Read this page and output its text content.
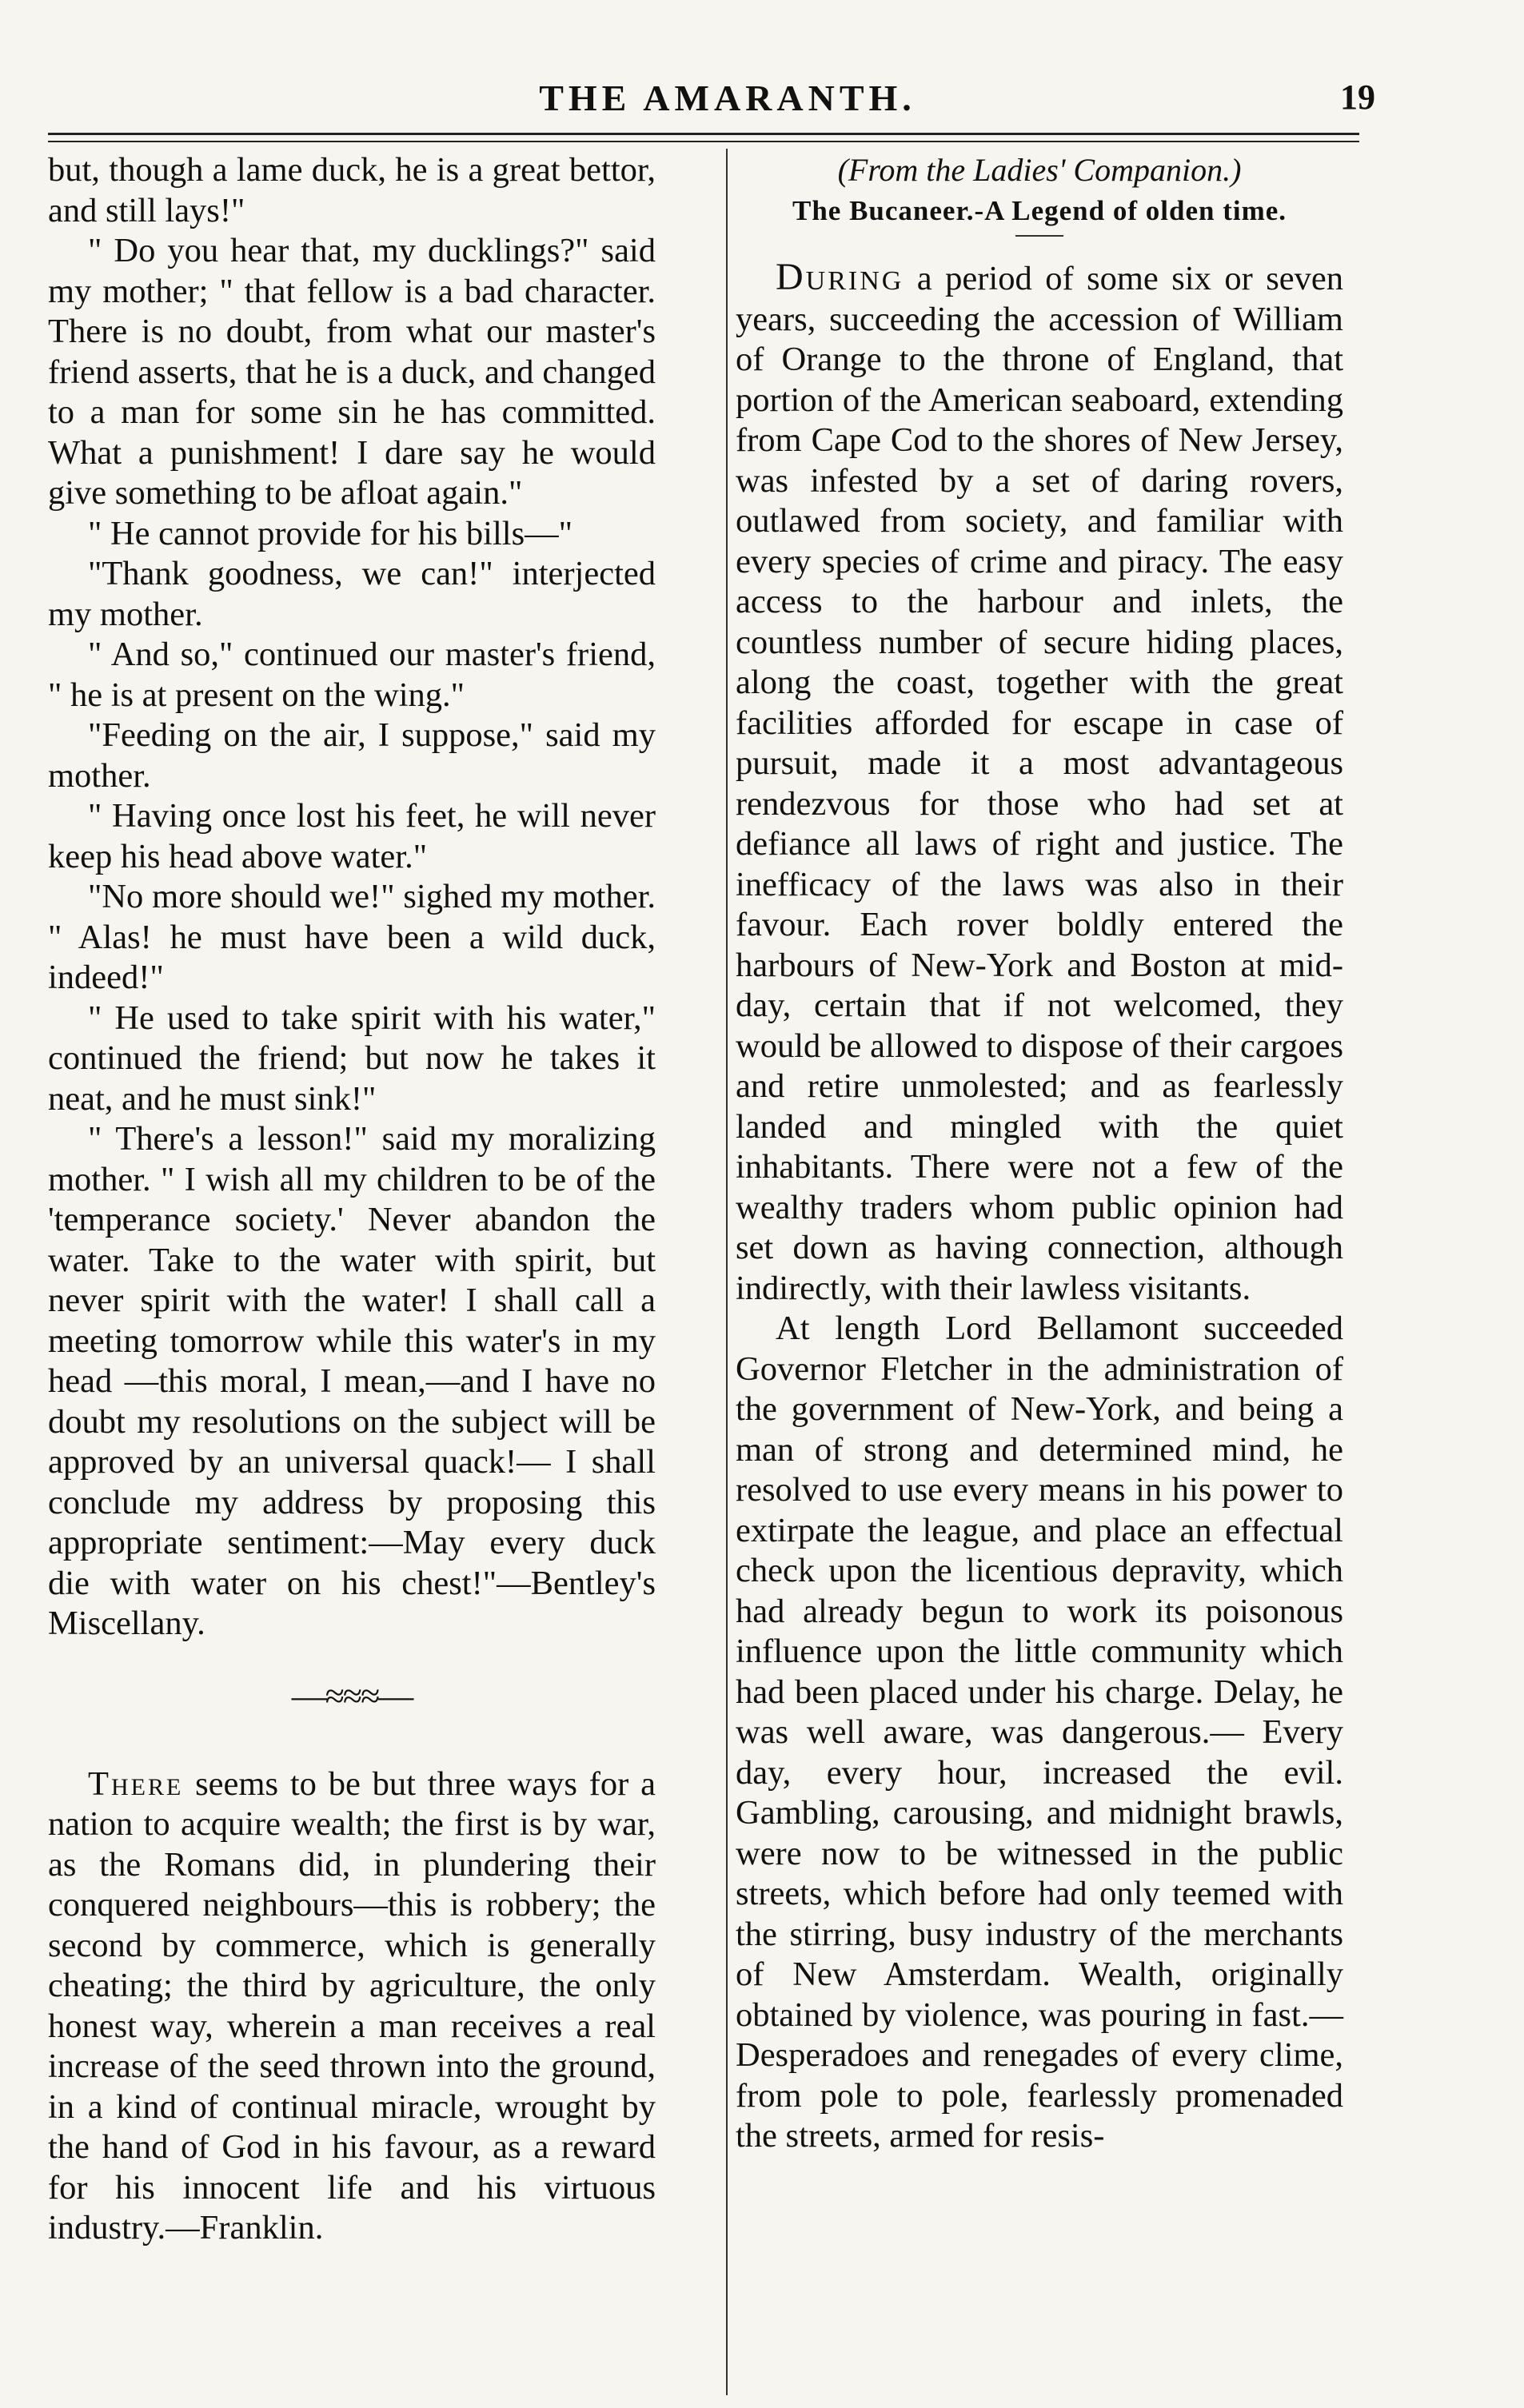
THE AMARANTH.	19

but, though a lame duck, he is a great bettor, and still lays!"

" Do you hear that, my ducklings?" said my mother; " that fellow is a bad character. There is no doubt, from what our master's friend asserts, that he is a duck, and changed to a man for some sin he has committed. What a punishment! I dare say he would give something to be afloat again."

" He cannot provide for his bills—"

"Thank goodness, we can!" interjected my mother.

" And so," continued our master's friend, " he is at present on the wing."

"Feeding on the air, I suppose," said my mother.

" Having once lost his feet, he will never keep his head above water."

"No more should we!" sighed my mother. " Alas! he must have been a wild duck, indeed!"

" He used to take spirit with his water," continued the friend; but now he takes it neat, and he must sink!"

" There's a lesson!" said my moralizing mother. " I wish all my children to be of the 'temperance society.' Never abandon the water. Take to the water with spirit, but never spirit with the water! I shall call a meeting tomorrow while this water's in my head —this moral, I mean,—and I have no doubt my resolutions on the subject will be approved by an universal quack!— I shall conclude my address by proposing this appropriate sentiment:—May every duck die with water on his chest!"—Bentley's Miscellany.

—≈≈≈—

There seems to be but three ways for a nation to acquire wealth; the first is by war, as the Romans did, in plundering their conquered neighbours—this is robbery; the second by commerce, which is generally cheating; the third by agriculture, the only honest way, wherein a man receives a real increase of the seed thrown into the ground, in a kind of continual miracle, wrought by the hand of God in his favour, as a reward for his innocent life and his virtuous industry.—Franklin.

(From the Ladies' Companion.)
The Bucaneer.-A Legend of olden time.

During a period of some six or seven years, succeeding the accession of William of Orange to the throne of England, that portion of the American seaboard, extending from Cape Cod to the shores of New Jersey, was infested by a set of daring rovers, outlawed from society, and familiar with every species of crime and piracy. The easy access to the harbour and inlets, the countless number of secure hiding places, along the coast, together with the great facilities afforded for escape in case of pursuit, made it a most advantageous rendezvous for those who had set at defiance all laws of right and justice. The inefficacy of the laws was also in their favour. Each rover boldly entered the harbours of New-York and Boston at mid-day, certain that if not welcomed, they would be allowed to dispose of their cargoes and retire unmolested; and as fearlessly landed and mingled with the quiet inhabitants. There were not a few of the wealthy traders whom public opinion had set down as having connection, although indirectly, with their lawless visitants.

At length Lord Bellamont succeeded Governor Fletcher in the administration of the government of New-York, and being a man of strong and determined mind, he resolved to use every means in his power to extirpate the league, and place an effectual check upon the licentious depravity, which had already begun to work its poisonous influence upon the little community which had been placed under his charge. Delay, he was well aware, was dangerous.— Every day, every hour, increased the evil. Gambling, carousing, and midnight brawls, were now to be witnessed in the public streets, which before had only teemed with the stirring, busy industry of the merchants of New Amsterdam. Wealth, originally obtained by violence, was pouring in fast.— Desperadoes and renegades of every clime, from pole to pole, fearlessly promenaded the streets, armed for resis-
